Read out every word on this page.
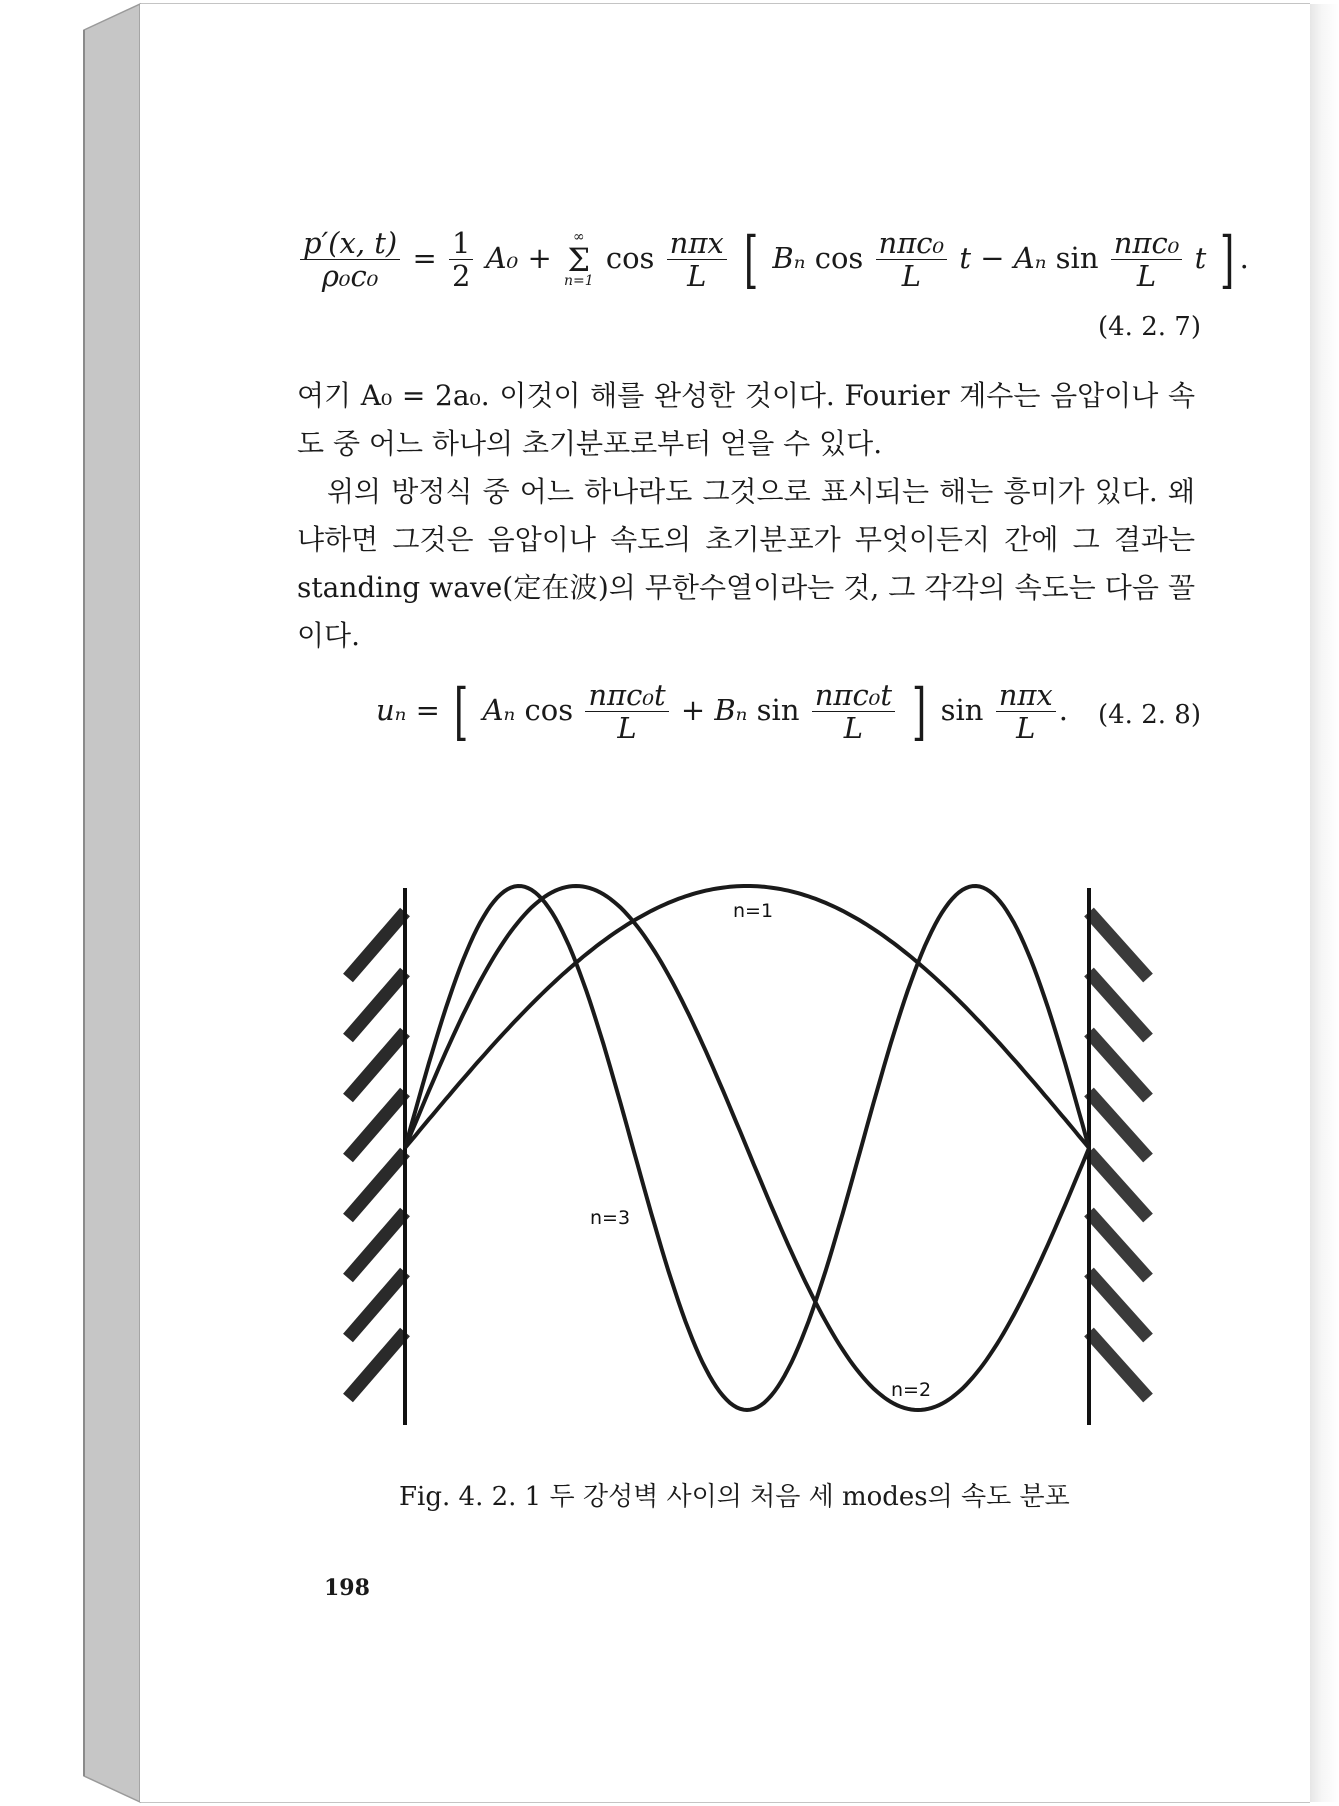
$\frac{p'(x, t)}{\text{ρ₀c₀}} = \frac{1}{2} A_0$ +
∞
Σ
n=1
$\cos \frac{\text{nπx}}{L}$ [ Bₙ $\cos \frac{\text{nπc₀}}{L}$ t − Aₙ $\sin \frac{\text{nπc₀}}{L}$ t ] .
(4. 2. 7)

여기 A₀ = 2a₀. 이것이 해를 완성한 것이다. Fourier 계수는 음압이나 속도 중 어느 하나의 초기분포로부터 얻을 수 있다.

위의 방정식 중 어느 하나라도 그것으로 표시되는 해는 흥미가 있다. 왜냐하면 그것은 음압이나 속도의 초기분포가 무엇이든지 간에 그 결과는 standing wave(定在波)의 무한수열이라는 것, 그 각각의 속도는 다음 꼴이다.

uₙ = [ Aₙ $\cos \frac{\text{nπc₀t}}{L} + B_n$ $\sin \frac{\text{nπc₀t}}{L}$ ] $\sin \frac{\text{nπx}}{L}$ . (4. 2. 8)
n=1
n=3
n=2
Fig. 4. 2. 1 두 강성벽 사이의 처음 세 modes의 속도 분포
198
